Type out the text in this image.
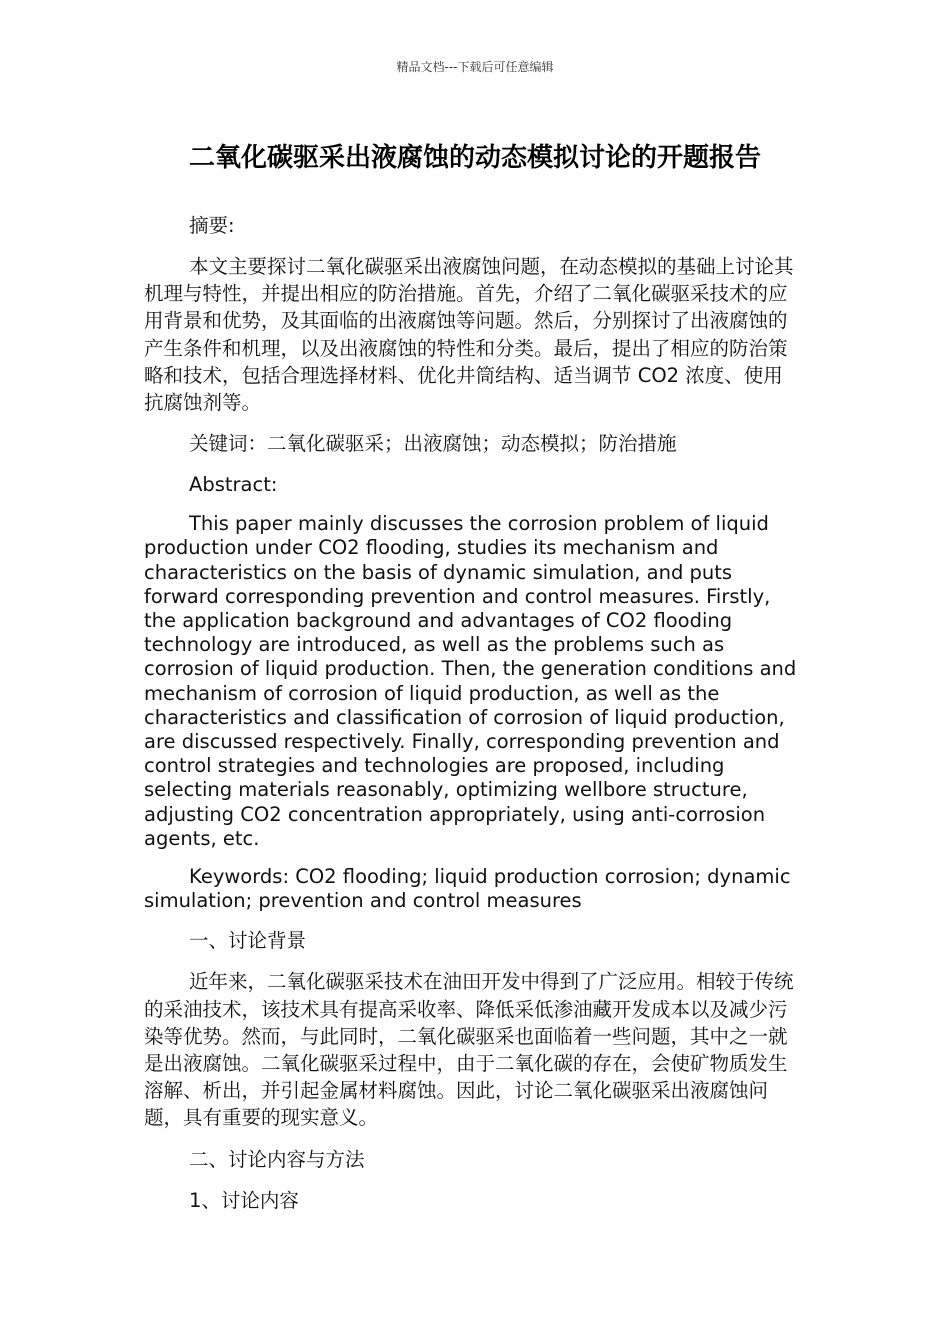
精品文档---下载后可任意编辑
二氧化碳驱采出液腐蚀的动态模拟讨论的开题报告

摘要:

本文主要探讨二氧化碳驱采出液腐蚀问题，在动态模拟的基础上讨论其机理与特性，并提出相应的防治措施。首先，介绍了二氧化碳驱采技术的应用背景和优势，及其面临的出液腐蚀等问题。然后，分别探讨了出液腐蚀的产生条件和机理，以及出液腐蚀的特性和分类。最后，提出了相应的防治策略和技术，包括合理选择材料、优化井筒结构、适当调节 CO2 浓度、使用抗腐蚀剂等。

关键词：二氧化碳驱采；出液腐蚀；动态模拟；防治措施

Abstract:

This paper mainly discusses the corrosion problem of liquid production under CO2 flooding, studies its mechanism and characteristics on the basis of dynamic simulation, and puts forward corresponding prevention and control measures. Firstly, the application background and advantages of CO2 flooding technology are introduced, as well as the problems such as corrosion of liquid production. Then, the generation conditions and mechanism of corrosion of liquid production, as well as the characteristics and classification of corrosion of liquid production, are discussed respectively. Finally, corresponding prevention and control strategies and technologies are proposed, including selecting materials reasonably, optimizing wellbore structure, adjusting CO2 concentration appropriately, using anti-corrosion agents, etc.

Keywords: CO2 flooding; liquid production corrosion; dynamic simulation; prevention and control measures

一、讨论背景

近年来，二氧化碳驱采技术在油田开发中得到了广泛应用。相较于传统的采油技术，该技术具有提高采收率、降低采低渗油藏开发成本以及减少污染等优势。然而，与此同时，二氧化碳驱采也面临着一些问题，其中之一就是出液腐蚀。二氧化碳驱采过程中，由于二氧化碳的存在，会使矿物质发生溶解、析出，并引起金属材料腐蚀。因此，讨论二氧化碳驱采出液腐蚀问题，具有重要的现实意义。

二、讨论内容与方法

1、讨论内容
